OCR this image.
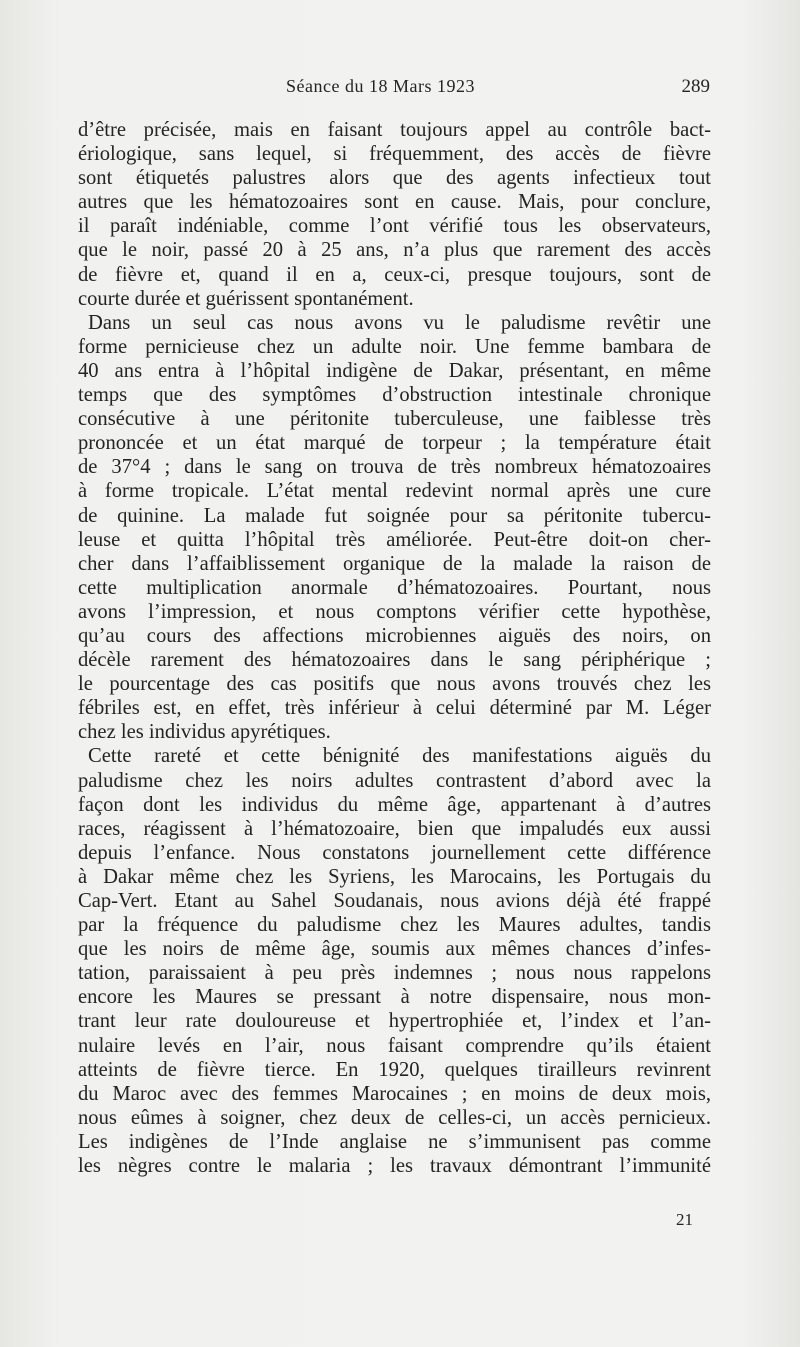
Séance du 18 Mars 1923	289
d’être précisée, mais en faisant toujours appel au contrôle bact-
ériologique, sans lequel, si fréquemment, des accès de fièvre
sont étiquetés palustres alors que des agents infectieux tout
autres que les hématozoaires sont en cause. Mais, pour conclure,
il paraît indéniable, comme l’ont vérifié tous les observateurs,
que le noir, passé 20 à 25 ans, n’a plus que rarement des accès
de fièvre et, quand il en a, ceux-ci, presque toujours, sont de
courte durée et guérissent spontanément.
Dans un seul cas nous avons vu le paludisme revêtir une
forme pernicieuse chez un adulte noir. Une femme bambara de
40 ans entra à l’hôpital indigène de Dakar, présentant, en même
temps que des symptômes d’obstruction intestinale chronique
consécutive à une péritonite tuberculeuse, une faiblesse très
prononcée et un état marqué de torpeur ; la température était
de 37°4 ; dans le sang on trouva de très nombreux hématozoaires
à forme tropicale. L’état mental redevint normal après une cure
de quinine. La malade fut soignée pour sa péritonite tubercu-
leuse et quitta l’hôpital très améliorée. Peut-être doit-on cher-
cher dans l’affaiblissement organique de la malade la raison de
cette multiplication anormale d’hématozoaires. Pourtant, nous
avons l’impression, et nous comptons vérifier cette hypothèse,
qu’au cours des affections microbiennes aiguës des noirs, on
décèle rarement des hématozoaires dans le sang périphérique ;
le pourcentage des cas positifs que nous avons trouvés chez les
fébriles est, en effet, très inférieur à celui déterminé par M. Léger
chez les individus apyrétiques.
Cette rareté et cette bénignité des manifestations aiguës du
paludisme chez les noirs adultes contrastent d’abord avec la
façon dont les individus du même âge, appartenant à d’autres
races, réagissent à l’hématozoaire, bien que impaludés eux aussi
depuis l’enfance. Nous constatons journellement cette différence
à Dakar même chez les Syriens, les Marocains, les Portugais du
Cap-Vert. Etant au Sahel Soudanais, nous avions déjà été frappé
par la fréquence du paludisme chez les Maures adultes, tandis
que les noirs de même âge, soumis aux mêmes chances d’infes-
tation, paraissaient à peu près indemnes ; nous nous rappelons
encore les Maures se pressant à notre dispensaire, nous mon-
trant leur rate douloureuse et hypertrophiée et, l’index et l’an-
nulaire levés en l’air, nous faisant comprendre qu’ils étaient
atteints de fièvre tierce. En 1920, quelques tirailleurs revinrent
du Maroc avec des femmes Marocaines ; en moins de deux mois,
nous eûmes à soigner, chez deux de celles-ci, un accès pernicieux.
Les indigènes de l’Inde anglaise ne s’immunisent pas comme
les nègres contre le malaria ; les travaux démontrant l’immunité
21
